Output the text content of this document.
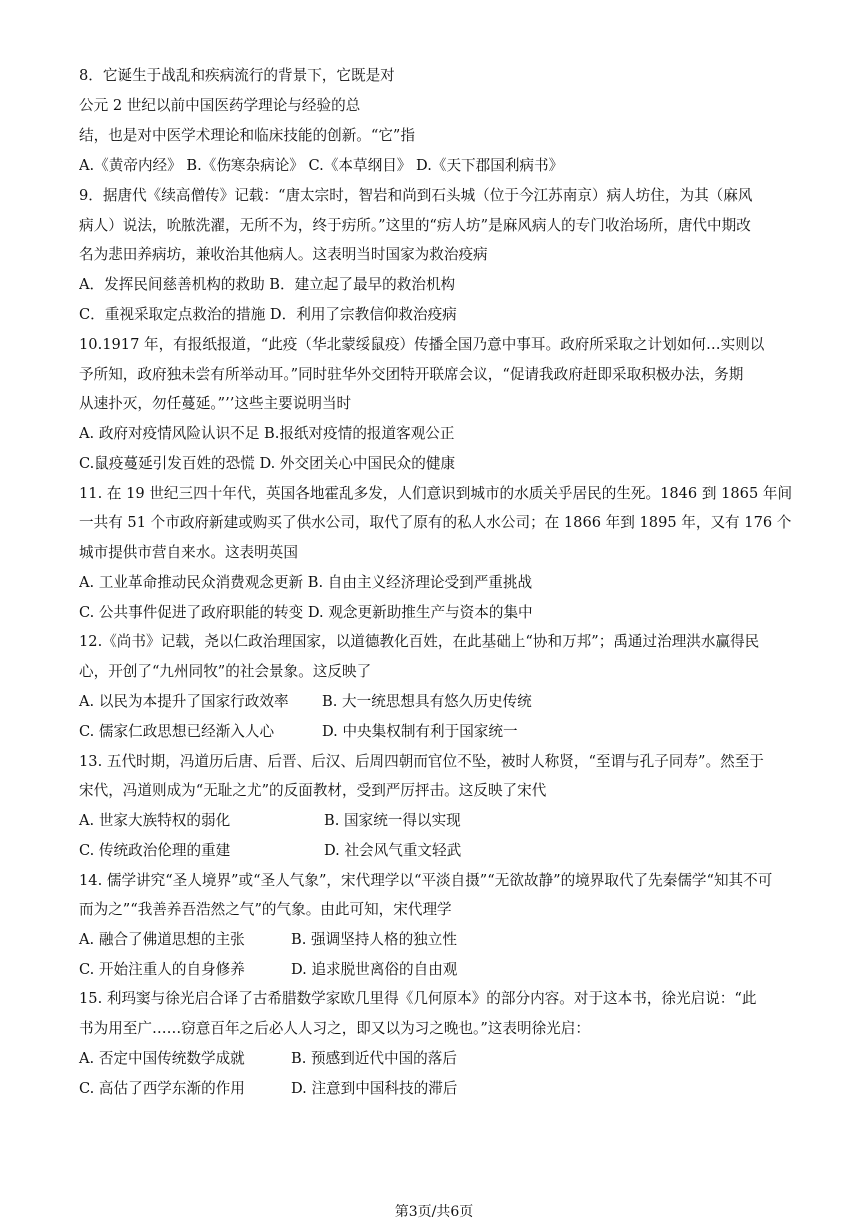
8．它诞生于战乱和疾病流行的背景下，它既是对
公元 2 世纪以前中国医药学理论与经验的总
结，也是对中医学术理论和临床技能的创新。“它”指
A.《黄帝内经》 B.《伤寒杂病论》 C.《本草纲目》 D.《天下郡国利病书》
9．据唐代《续高僧传》记载：“唐太宗时，智岩和尚到石头城（位于今江苏南京）病人坊住，为其（麻风
病人）说法，吮脓洗濯，无所不为，终于疠所。”这里的“疠人坊”是麻风病人的专门收治场所，唐代中期改
名为悲田养病坊，兼收治其他病人。这表明当时国家为救治疫病
A．发挥民间慈善机构的救助 B．建立起了最早的救治机构
C．重视采取定点救治的措施 D．利用了宗教信仰救治疫病
10.1917 年，有报纸报道，“此疫（华北蒙绥鼠疫）传播全国乃意中事耳。政府所采取之计划如何…实则以
予所知，政府独未尝有所举动耳。”同时驻华外交团特开联席会议，“促请我政府赶即采取积极办法，务期
从速扑灭，勿任蔓延。”’’这些主要说明当时
A. 政府对疫情风险认识不足 B.报纸对疫情的报道客观公正
C.鼠疫蔓延引发百姓的恐慌 D. 外交团关心中国民众的健康
11. 在 19 世纪三四十年代，英国各地霍乱多发，人们意识到城市的水质关乎居民的生死。1846 到 1865 年间
一共有 51 个市政府新建或购买了供水公司，取代了原有的私人水公司；在 1866 年到 1895 年，又有 176 个
城市提供市营自来水。这表明英国
A. 工业革命推动民众消费观念更新 B. 自由主义经济理论受到严重挑战
C. 公共事件促进了政府职能的转变 D. 观念更新助推生产与资本的集中
12.《尚书》记载，尧以仁政治理国家，以道德教化百姓，在此基础上“协和万邦”；禹通过治理洪水赢得民
心，开创了“九州同牧”的社会景象。这反映了
A. 以民为本提升了国家行政效率 B. 大一统思想具有悠久历史传统
C. 儒家仁政思想已经渐入人心	D. 中央集权制有利于国家统一
13. 五代时期，冯道历后唐、后晋、后汉、后周四朝而官位不坠，被时人称贤，“至谓与孔子同寿”。然至于
宋代，冯道则成为“无耻之尤”的反面教材，受到严厉抨击。这反映了宋代
A. 世家大族特权的弱化	B. 国家统一得以实现
C. 传统政治伦理的重建	D. 社会风气重文轻武
14. 儒学讲究“圣人境界”或“圣人气象”，宋代理学以“平淡自摄”“无欲故静”的境界取代了先秦儒学“知其不可
而为之”“我善养吾浩然之气”的气象。由此可知，宋代理学
A. 融合了佛道思想的主张	B. 强调坚持人格的独立性
C. 开始注重人的自身修养	D. 追求脱世离俗的自由观
15. 利玛窦与徐光启合译了古希腊数学家欧几里得《几何原本》的部分内容。对于这本书，徐光启说：“此
书为用至广……窃意百年之后必人人习之，即又以为习之晚也。”这表明徐光启：
A. 否定中国传统数学成就	B. 预感到近代中国的落后
C. 高估了西学东渐的作用	D. 注意到中国科技的滞后
第3页/共6页
